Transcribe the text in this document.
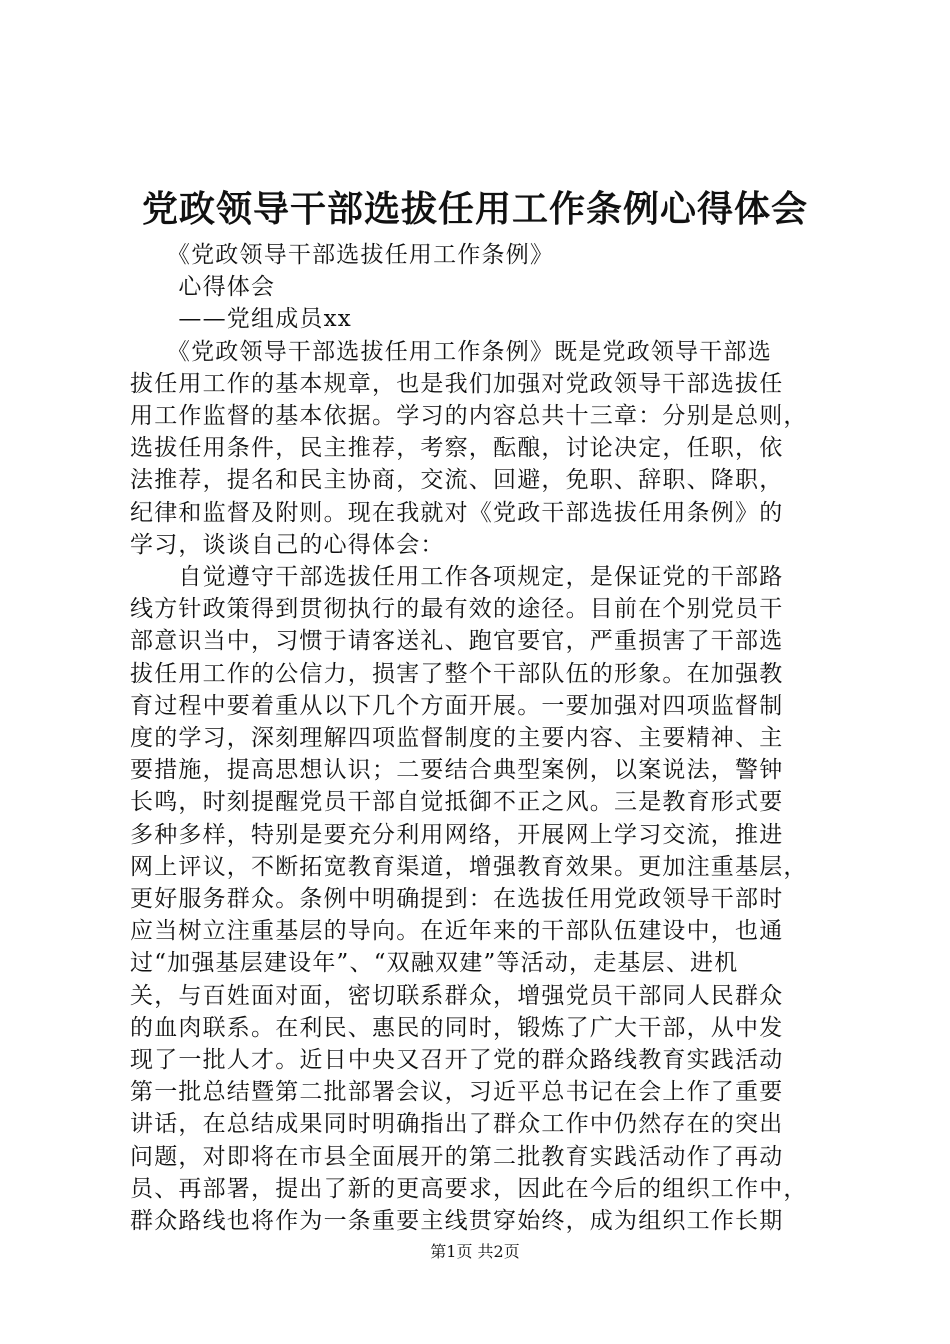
党政领导干部选拔任用工作条例心得体会
　　《党政领导干部选拔任用工作条例》
　　心得体会
　　——党组成员xx
　　《党政领导干部选拔任用工作条例》既是党政领导干部选
拔任用工作的基本规章，也是我们加强对党政领导干部选拔任
用工作监督的基本依据。学习的内容总共十三章：分别是总则，
选拔任用条件，民主推荐，考察，酝酿，讨论决定，任职，依
法推荐，提名和民主协商，交流、回避，免职、辞职、降职，
纪律和监督及附则。现在我就对《党政干部选拔任用条例》的
学习，谈谈自己的心得体会：
　　自觉遵守干部选拔任用工作各项规定，是保证党的干部路
线方针政策得到贯彻执行的最有效的途径。目前在个别党员干
部意识当中，习惯于请客送礼、跑官要官，严重损害了干部选
拔任用工作的公信力，损害了整个干部队伍的形象。在加强教
育过程中要着重从以下几个方面开展。一要加强对四项监督制
度的学习，深刻理解四项监督制度的主要内容、主要精神、主
要措施，提高思想认识；二要结合典型案例，以案说法，警钟
长鸣，时刻提醒党员干部自觉抵御不正之风。三是教育形式要
多种多样，特别是要充分利用网络，开展网上学习交流，推进
网上评议，不断拓宽教育渠道，增强教育效果。更加注重基层，
更好服务群众。条例中明确提到：在选拔任用党政领导干部时
应当树立注重基层的导向。在近年来的干部队伍建设中，也通
过“加强基层建设年”、“双融双建”等活动，走基层、进机
关，与百姓面对面，密切联系群众，增强党员干部同人民群众
的血肉联系。在利民、惠民的同时，锻炼了广大干部，从中发
现了一批人才。近日中央又召开了党的群众路线教育实践活动
第一批总结暨第二批部署会议，习近平总书记在会上作了重要
讲话，在总结成果同时明确指出了群众工作中仍然存在的突出
问题，对即将在市县全面展开的第二批教育实践活动作了再动
员、再部署，提出了新的更高要求，因此在今后的组织工作中，
群众路线也将作为一条重要主线贯穿始终，成为组织工作长期
第1页 共2页
